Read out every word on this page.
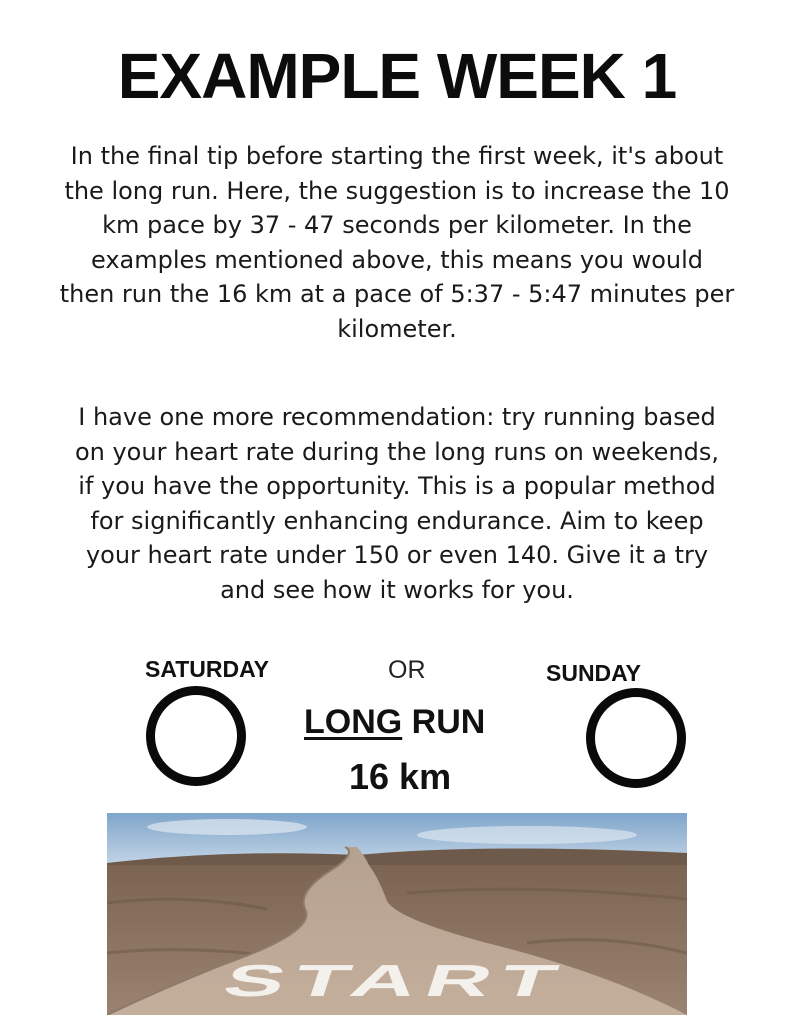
EXAMPLE WEEK 1

In the final tip before starting the first week, it's about
the long run. Here, the suggestion is to increase the 10
km pace by 37 - 47 seconds per kilometer. In the
examples mentioned above, this means you would
then run the 16 km at a pace of 5:37 - 5:47 minutes per
kilometer.

I have one more recommendation: try running based
on your heart rate during the long runs on weekends,
if you have the opportunity. This is a popular method
for significantly enhancing endurance. Aim to keep
your heart rate under 150 or even 140. Give it a try
and see how it works for you.

SATURDAY	OR	SUNDAY
LONG RUN
16 km
START
